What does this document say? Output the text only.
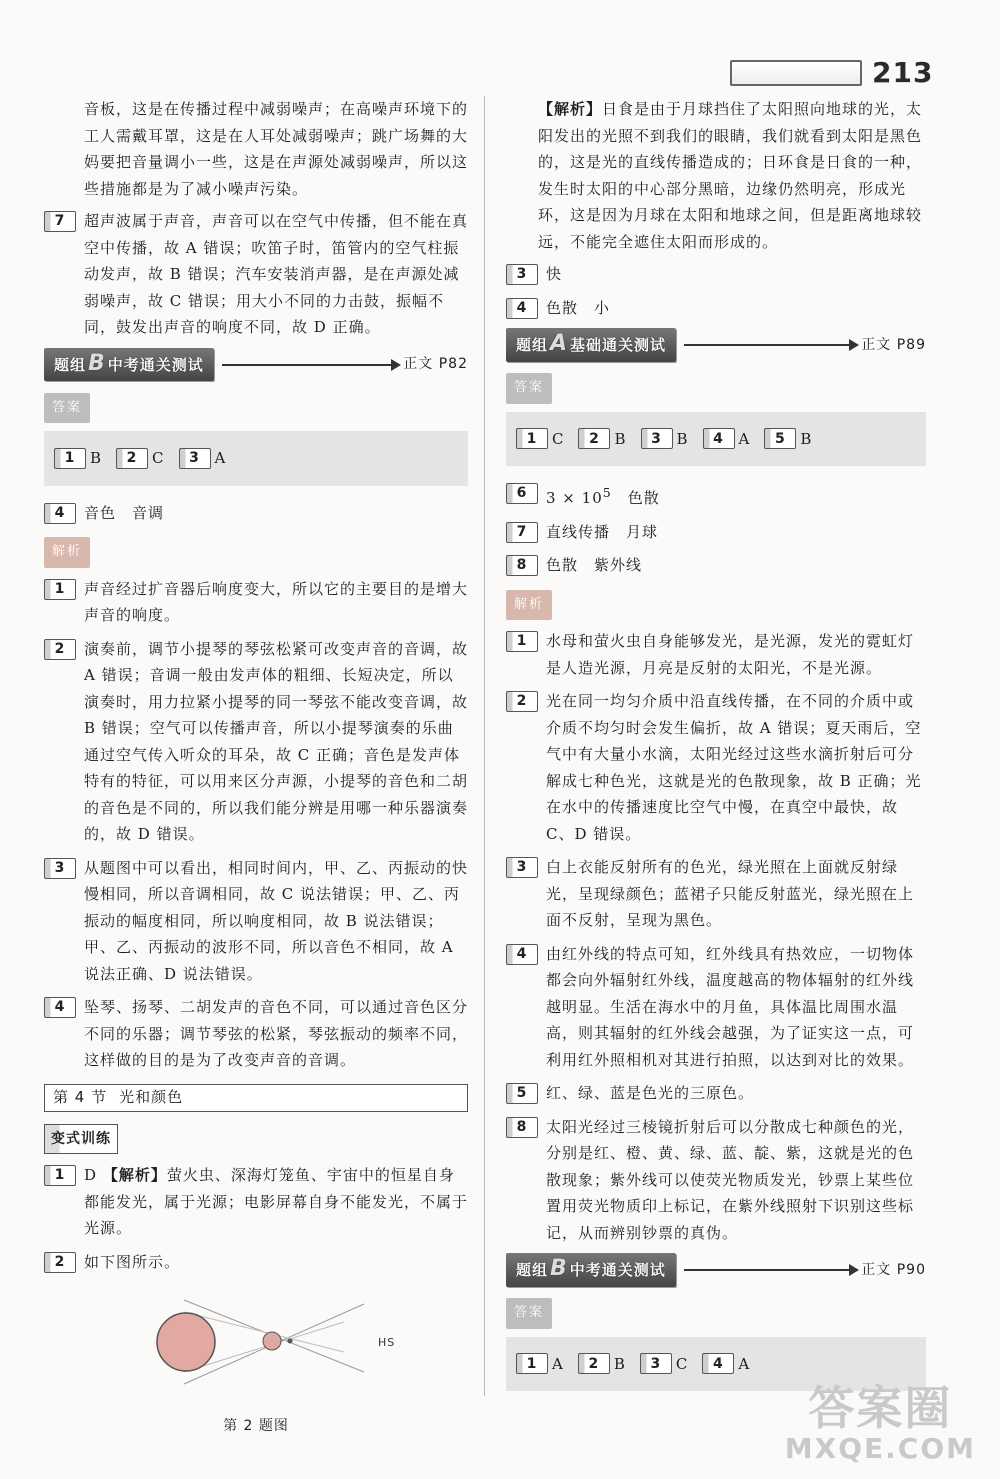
213

音板，这是在传播过程中减弱噪声；在高噪声环境下的工人需戴耳罩，这是在人耳处减弱噪声；跳广场舞的大妈要把音量调小一些，这是在声源处减弱噪声，所以这些措施都是为了减小噪声污染。

7	超声波属于声音，声音可以在空气中传播，但不能在真空中传播，故 A 错误；吹笛子时，笛管内的空气柱振动发声，故 B 错误；汽车安装消声器，是在声源处减弱噪声，故 C 错误；用大小不同的力击鼓，振幅不同，鼓发出声音的响度不同，故 D 正确。
题组B 中考通关测试	正文 P82
答案
1 B	2 C	3 A
4	音色　音调
解析
1	声音经过扩音器后响度变大，所以它的主要目的是增大声音的响度。
2	演奏前，调节小提琴的琴弦松紧可改变声音的音调，故 A 错误；音调一般由发声体的粗细、长短决定，所以演奏时，用力拉紧小提琴的同一琴弦不能改变音调，故 B 错误；空气可以传播声音，所以小提琴演奏的乐曲通过空气传入听众的耳朵，故 C 正确；音色是发声体特有的特征，可以用来区分声源，小提琴的音色和二胡的音色是不同的，所以我们能分辨是用哪一种乐器演奏的，故 D 错误。
3	从题图中可以看出，相同时间内，甲、乙、丙振动的快慢相同，所以音调相同，故 C 说法错误；甲、乙、丙振动的幅度相同，所以响度相同，故 B 说法错误；甲、乙、丙振动的波形不同，所以音色不相同，故 A 说法正确、D 说法错误。
4	坠琴、扬琴、二胡发声的音色不同，可以通过音色区分不同的乐器；调节琴弦的松紧，琴弦振动的频率不同，这样做的目的是为了改变声音的音调。
第 4 节 光和颜色
变式训练
1	D 【解析】萤火虫、深海灯笼鱼、宇宙中的恒星自身都能发光，属于光源；电影屏幕自身不能发光，不属于光源。
2	如下图所示。
HS
第 2 题图

【解析】日食是由于月球挡住了太阳照向地球的光，太阳发出的光照不到我们的眼睛，我们就看到太阳是黑色的，这是光的直线传播造成的；日环食是日食的一种，发生时太阳的中心部分黑暗，边缘仍然明亮，形成光环，这是因为月球在太阳和地球之间，但是距离地球较远，不能完全遮住太阳而形成的。

3	快
4	色散　小
题组A 基础通关测试	正文 P89
答案
1 C	2 B	3 B	4 A	5 B
6	$3 \times 10^5$　色散
7	直线传播　月球
8	色散　紫外线
解析
1	水母和萤火虫自身能够发光，是光源，发光的霓虹灯是人造光源，月亮是反射的太阳光，不是光源。
2	光在同一均匀介质中沿直线传播，在不同的介质中或介质不均匀时会发生偏折，故 A 错误；夏天雨后，空气中有大量小水滴，太阳光经过这些水滴折射后可分解成七种色光，这就是光的色散现象，故 B 正确；光在水中的传播速度比空气中慢，在真空中最快，故 C、D 错误。
3	白上衣能反射所有的色光，绿光照在上面就反射绿光，呈现绿颜色；蓝裙子只能反射蓝光，绿光照在上面不反射，呈现为黑色。
4	由红外线的特点可知，红外线具有热效应，一切物体都会向外辐射红外线，温度越高的物体辐射的红外线越明显。生活在海水中的月鱼，具体温比周围水温高，则其辐射的红外线会越强，为了证实这一点，可利用红外照相机对其进行拍照，以达到对比的效果。
5	红、绿、蓝是色光的三原色。
8	太阳光经过三棱镜折射后可以分散成七种颜色的光，分别是红、橙、黄、绿、蓝、靛、紫，这就是光的色散现象；紫外线可以使荧光物质发光，钞票上某些位置用荧光物质印上标记，在紫外线照射下识别这些标记，从而辨别钞票的真伪。
题组B 中考通关测试	正文 P90
答案
1 A	2 B	3 C	4 A
答案圈
MXQE.COM
